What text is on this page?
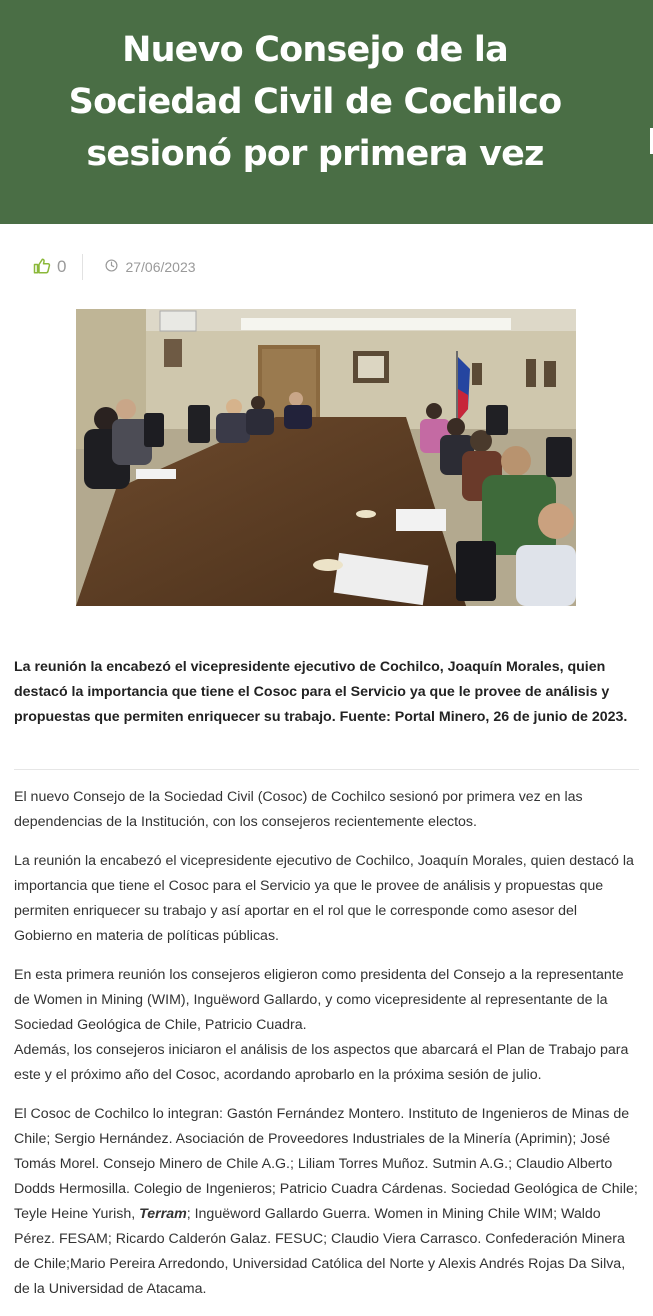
Nuevo Consejo de la
Sociedad Civil de Cochilco
sesionó por primera vez
0	27/06/2023

La reunión la encabezó el vicepresidente ejecutivo de Cochilco, Joaquín Morales, quien destacó la importancia que tiene el Cosoc para el Servicio ya que le provee de análisis y propuestas que permiten enriquecer su trabajo. Fuente: Portal Minero, 26 de junio de 2023.

El nuevo Consejo de la Sociedad Civil (Cosoc) de Cochilco sesionó por primera vez en las dependencias de la Institución, con los consejeros recientemente electos.

La reunión la encabezó el vicepresidente ejecutivo de Cochilco, Joaquín Morales, quien destacó la importancia que tiene el Cosoc para el Servicio ya que le provee de análisis y propuestas que permiten enriquecer su trabajo y así aportar en el rol que le corresponde como asesor del Gobierno en materia de políticas públicas.

En esta primera reunión los consejeros eligieron como presidenta del Consejo a la representante de Women in Mining (WIM), Inguëword Gallardo, y como vicepresidente al representante de la Sociedad Geológica de Chile, Patricio Cuadra.
Además, los consejeros iniciaron el análisis de los aspectos que abarcará el Plan de Trabajo para este y el próximo año del Cosoc, acordando aprobarlo en la próxima sesión de julio.

El Cosoc de Cochilco lo integran: Gastón Fernández Montero. Instituto de Ingenieros de Minas de Chile; Sergio Hernández. Asociación de Proveedores Industriales de la Minería (Aprimin); José Tomás Morel. Consejo Minero de Chile A.G.; Liliam Torres Muñoz. Sutmin A.G.; Claudio Alberto Dodds Hermosilla. Colegio de Ingenieros; Patricio Cuadra Cárdenas. Sociedad Geológica de Chile; Teyle Heine Yurish, Terram; Inguëword Gallardo Guerra. Women in Mining Chile WIM; Waldo Pérez. FESAM; Ricardo Calderón Galaz. FESUC; Claudio Viera Carrasco. Confederación Minera de Chile;Mario Pereira Arredondo, Universidad Católica del Norte y Alexis Andrés Rojas Da Silva, de la Universidad de Atacama.
